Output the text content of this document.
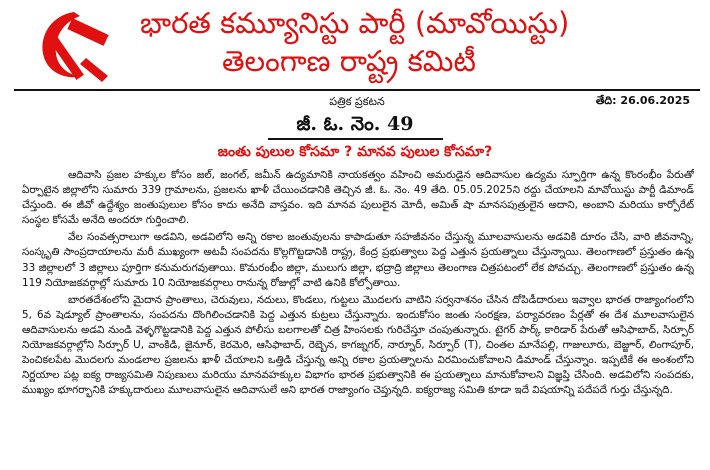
భారత కమ్యూనిస్టు పార్టీ (మావోయిస్టు)
తెలంగాణ రాష్ట్ర కమిటీ
పత్రిక ప్రకటన	తేది: 26.06.2025
జీ. ఓ. నెం. 49
జంతు పులుల కోసమా ? మానవ పులుల కోసమా?

ఆదివాసి ప్రజల హక్కుల కోసం జల్, జంగల్, జమీన్ ఉద్యమానికి నాయకత్వం వహించి అమరుడైన ఆదివాసుల ఉద్యమ స్ఫూర్తిగా ఉన్న కొంరంభీం పేరుతో ఏర్పాటైన జిల్లాలోని సుమారు 339 గ్రామాలను, ప్రజలను ఖాళీ చేయించడానికి తెచ్చిన జీ. ఓ. నెం. 49 తేది. 05.05.2025ని రద్దు చేయాలని మావోయిస్టు పార్టీ డిమాండ్ చేస్తుంది. ఈ జీవో ఉద్దేశ్యం జంతుపులుల కోసం కాదు అనేది వాస్తవం. ఇది మానవ పులులైన మోదీ, అమిత్ షా మానసపుత్రులైన అదాని, అంబాని మరియు కార్పోరేట్ సంస్థల కోసమే అనేది అందరూ గుర్తించాలి.

వేల సంవత్సరాలుగా అడవిని, అడవిలోని అన్ని రకాల జంతువులను కాపాడుతూ సహజీవనం చేస్తున్న మూలవాసులను అడవికి దూరం చేసి, వారి జీవనాన్ని, సంస్కృతి సాంప్రదాయాలను మరీ ముఖ్యంగా అటవీ సంపదను కొల్లగొట్టడానికి రాష్ట్ర, కేంద్ర ప్రభుత్వాలు పెద్ద ఎత్తున ప్రయత్నాలు చేస్తున్నాయి. తెలంగాణలో ప్రస్తుతం ఉన్న 33 జిల్లాలలో 3 జిల్లాలు పూర్తిగా కనుమరుగవుతాయి. కొమరంభీం జిల్లా, ములుగు జిల్లా, భద్రాద్రి జిల్లాలు తెలంగాణ చిత్రపటంలో లేక పోవచ్చు. తెలంగాణలో ప్రస్తుతం ఉన్న 119 నియోజకవర్గాల్లో సుమారు 10 నియోజకవర్గాలు రానున్న రోజుల్లో వాటి ఉనికి కోల్పోతాయి.

బారతదేశంలోని మైదాన ప్రాంతాలు, చెరువులు, నదులు, కొండలు, గుట్టలు మొదలగు వాటిని సర్వనాశనం చేసిన దోపిడీదారులు ఇవ్వాల భారత రాజ్యాంగంలోని 5, 6వ షెడ్యూల్ ప్రాంతాలను, సంపదను దొంగిలించడానికి పెద్ద ఎత్తున కుట్రలు చేస్తున్నారు. ఇందుకోసం జంతు సంరక్షణ, పర్యావరణం పేర్లతో ఈ దేశ మూలవాసులైన ఆదివాసులను అడవి నుండి వెళ్ళగొట్టడానికి పెద్ద ఎత్తున పోలీసు బలగాలతో చిత్ర హింసలకు గురిచేస్తూ చంపుతున్నారు. టైగర్ పార్క్ కారిడార్ పేరుతో ఆసిఫాబాద్, సిర్పూర్ నియోజకవర్గాల్లోని సిర్పూర్ U, వాంకిడి, జైనూర్, కెరమెరి, ఆసిఫాబాద్, రెబ్బెన, కాగజ్నగర్, నార్నూర్, సిర్పూర్ (T), చింతల మానేపల్లి, గాజులూరు, బెజ్జూర్, లింగాపూర్, పెంచికలపేట మొదలగు మండలాల ప్రజలను ఖాళీ చేయాలని ఒత్తిడి చేస్తున్న అన్ని రకాల ప్రయత్నాలను విరమించుకోవాలని డిమాండ్ చేస్తున్నాం. ఇప్పటికే ఈ అంశంలోని నిర్ణయాల పట్ల ఐక్య రాజ్యసమితి నిపుణులు మరియు మానవహక్కుల విభాగం భారత ప్రభుత్వానికి ఈ ప్రయత్నాలు మానుకోవాలని విజ్ఞప్తి చేసింది. అడవిలోని సంపదకు, ముఖ్యం భూగర్భానికి హక్కుదారులు మూలవాసులైన ఆదివాసులే అని భారత రాజ్యాంగం చెప్తున్నది. ఐక్యరాజ్య సమితి కూడా ఇదే విషయాన్ని పదేపదే గుర్తు చేస్తున్నది.
